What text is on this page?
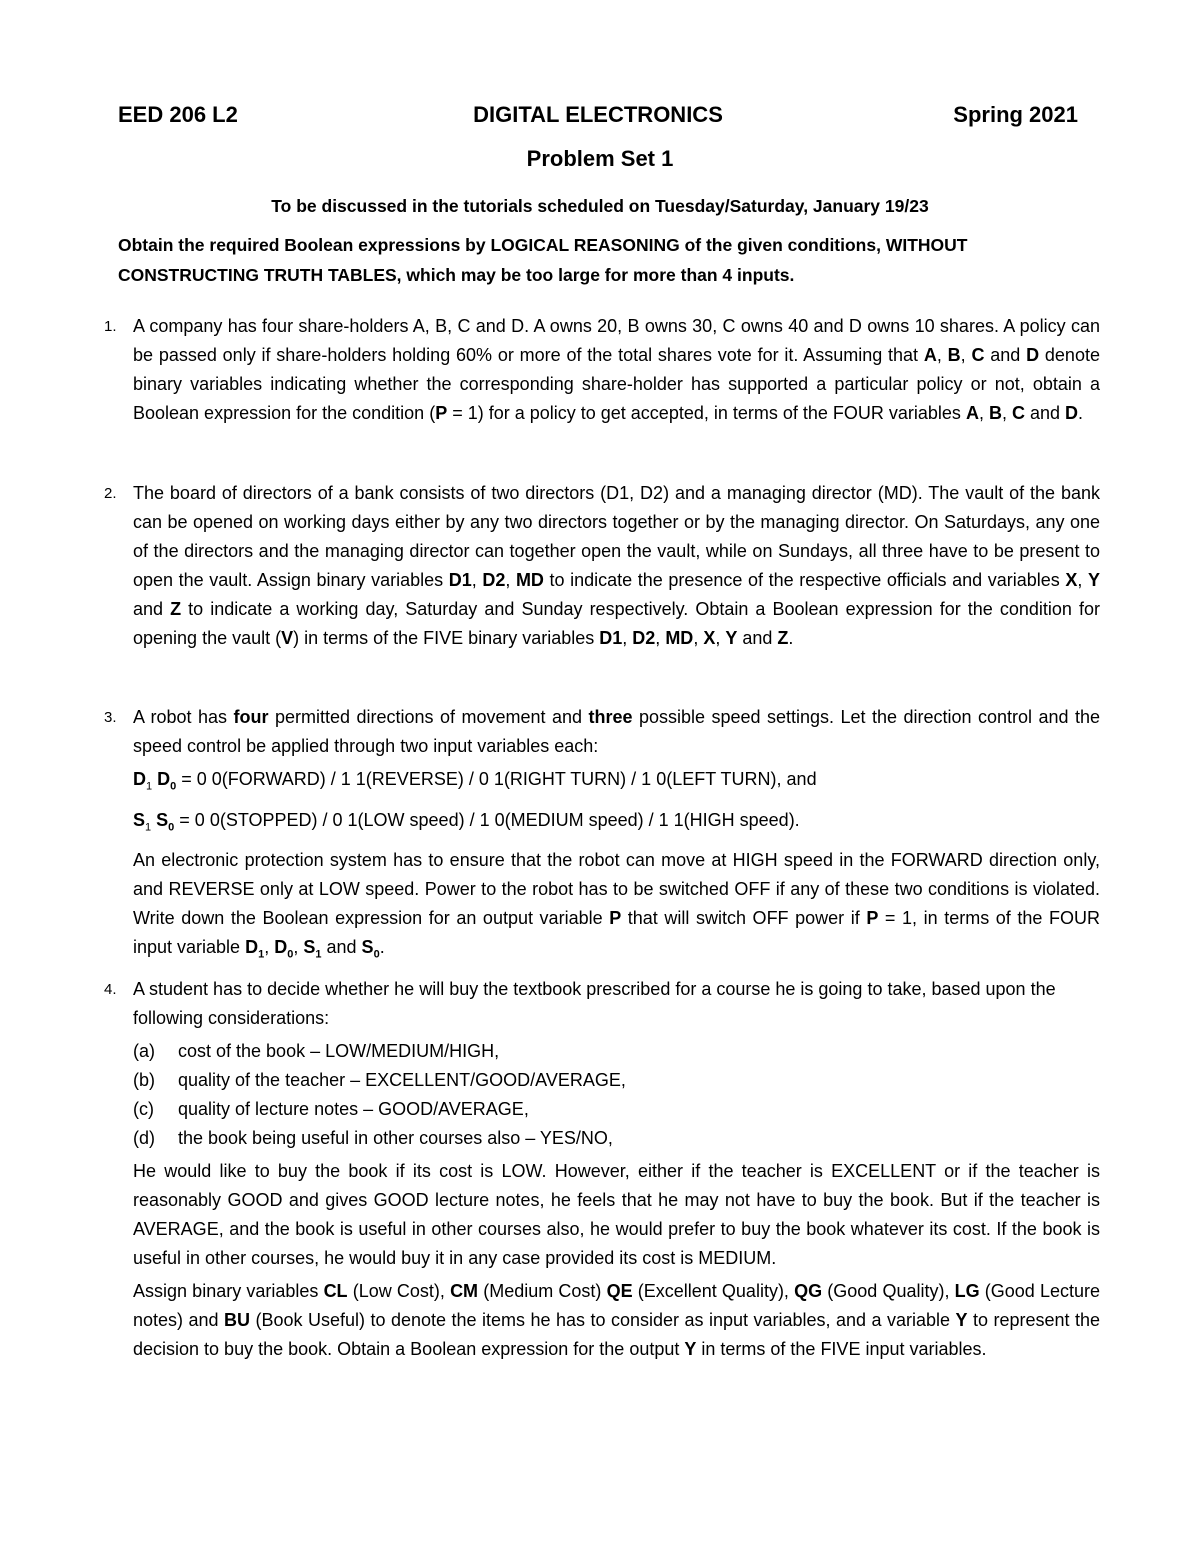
EED 206 L2	DIGITAL ELECTRONICS	Spring 2021
Problem Set 1
To be discussed in the tutorials scheduled on Tuesday/Saturday, January 19/23
Obtain the required Boolean expressions by LOGICAL REASONING of the given conditions, WITHOUT CONSTRUCTING TRUTH TABLES, which may be too large for more than 4 inputs.
1. A company has four share-holders A, B, C and D. A owns 20, B owns 30, C owns 40 and D owns 10 shares. A policy can be passed only if share-holders holding 60% or more of the total shares vote for it. Assuming that A, B, C and D denote binary variables indicating whether the corresponding share-holder has supported a particular policy or not, obtain a Boolean expression for the condition (P = 1) for a policy to get accepted, in terms of the FOUR variables A, B, C and D.
2. The board of directors of a bank consists of two directors (D1, D2) and a managing director (MD). The vault of the bank can be opened on working days either by any two directors together or by the managing director. On Saturdays, any one of the directors and the managing director can together open the vault, while on Sundays, all three have to be present to open the vault. Assign binary variables D1, D2, MD to indicate the presence of the respective officials and variables X, Y and Z to indicate a working day, Saturday and Sunday respectively. Obtain a Boolean expression for the condition for opening the vault (V) in terms of the FIVE binary variables D1, D2, MD, X, Y and Z.
3. A robot has four permitted directions of movement and three possible speed settings. Let the direction control and the speed control be applied through two input variables each:
$D_1$ $D_0 = 0$ 0(FORWARD) / 1 1(REVERSE) / 0 1(RIGHT TURN) / 1 0(LEFT TURN), and
$S_1$ $S_0 = 0$ 0(STOPPED) / 0 1(LOW speed) / 1 0(MEDIUM speed) / 1 1(HIGH speed).
An electronic protection system has to ensure that the robot can move at HIGH speed in the FORWARD direction only, and REVERSE only at LOW speed. Power to the robot has to be switched OFF if any of these two conditions is violated. Write down the Boolean expression for an output variable P that will switch OFF power if P = 1, in terms of the FOUR input variable $D_1$, $D_0$, $S_1$ and $S_0$.
4. A student has to decide whether he will buy the textbook prescribed for a course he is going to take, based upon the following considerations:
(a)	cost of the book – LOW/MEDIUM/HIGH,
(b)	quality of the teacher – EXCELLENT/GOOD/AVERAGE,
(c)	quality of lecture notes – GOOD/AVERAGE,
(d)	the book being useful in other courses also – YES/NO,
He would like to buy the book if its cost is LOW. However, either if the teacher is EXCELLENT or if the teacher is reasonably GOOD and gives GOOD lecture notes, he feels that he may not have to buy the book. But if the teacher is AVERAGE, and the book is useful in other courses also, he would prefer to buy the book whatever its cost. If the book is useful in other courses, he would buy it in any case provided its cost is MEDIUM.
Assign binary variables CL (Low Cost), CM (Medium Cost) QE (Excellent Quality), QG (Good Quality), LG (Good Lecture notes) and BU (Book Useful) to denote the items he has to consider as input variables, and a variable Y to represent the decision to buy the book. Obtain a Boolean expression for the output Y in terms of the FIVE input variables.
